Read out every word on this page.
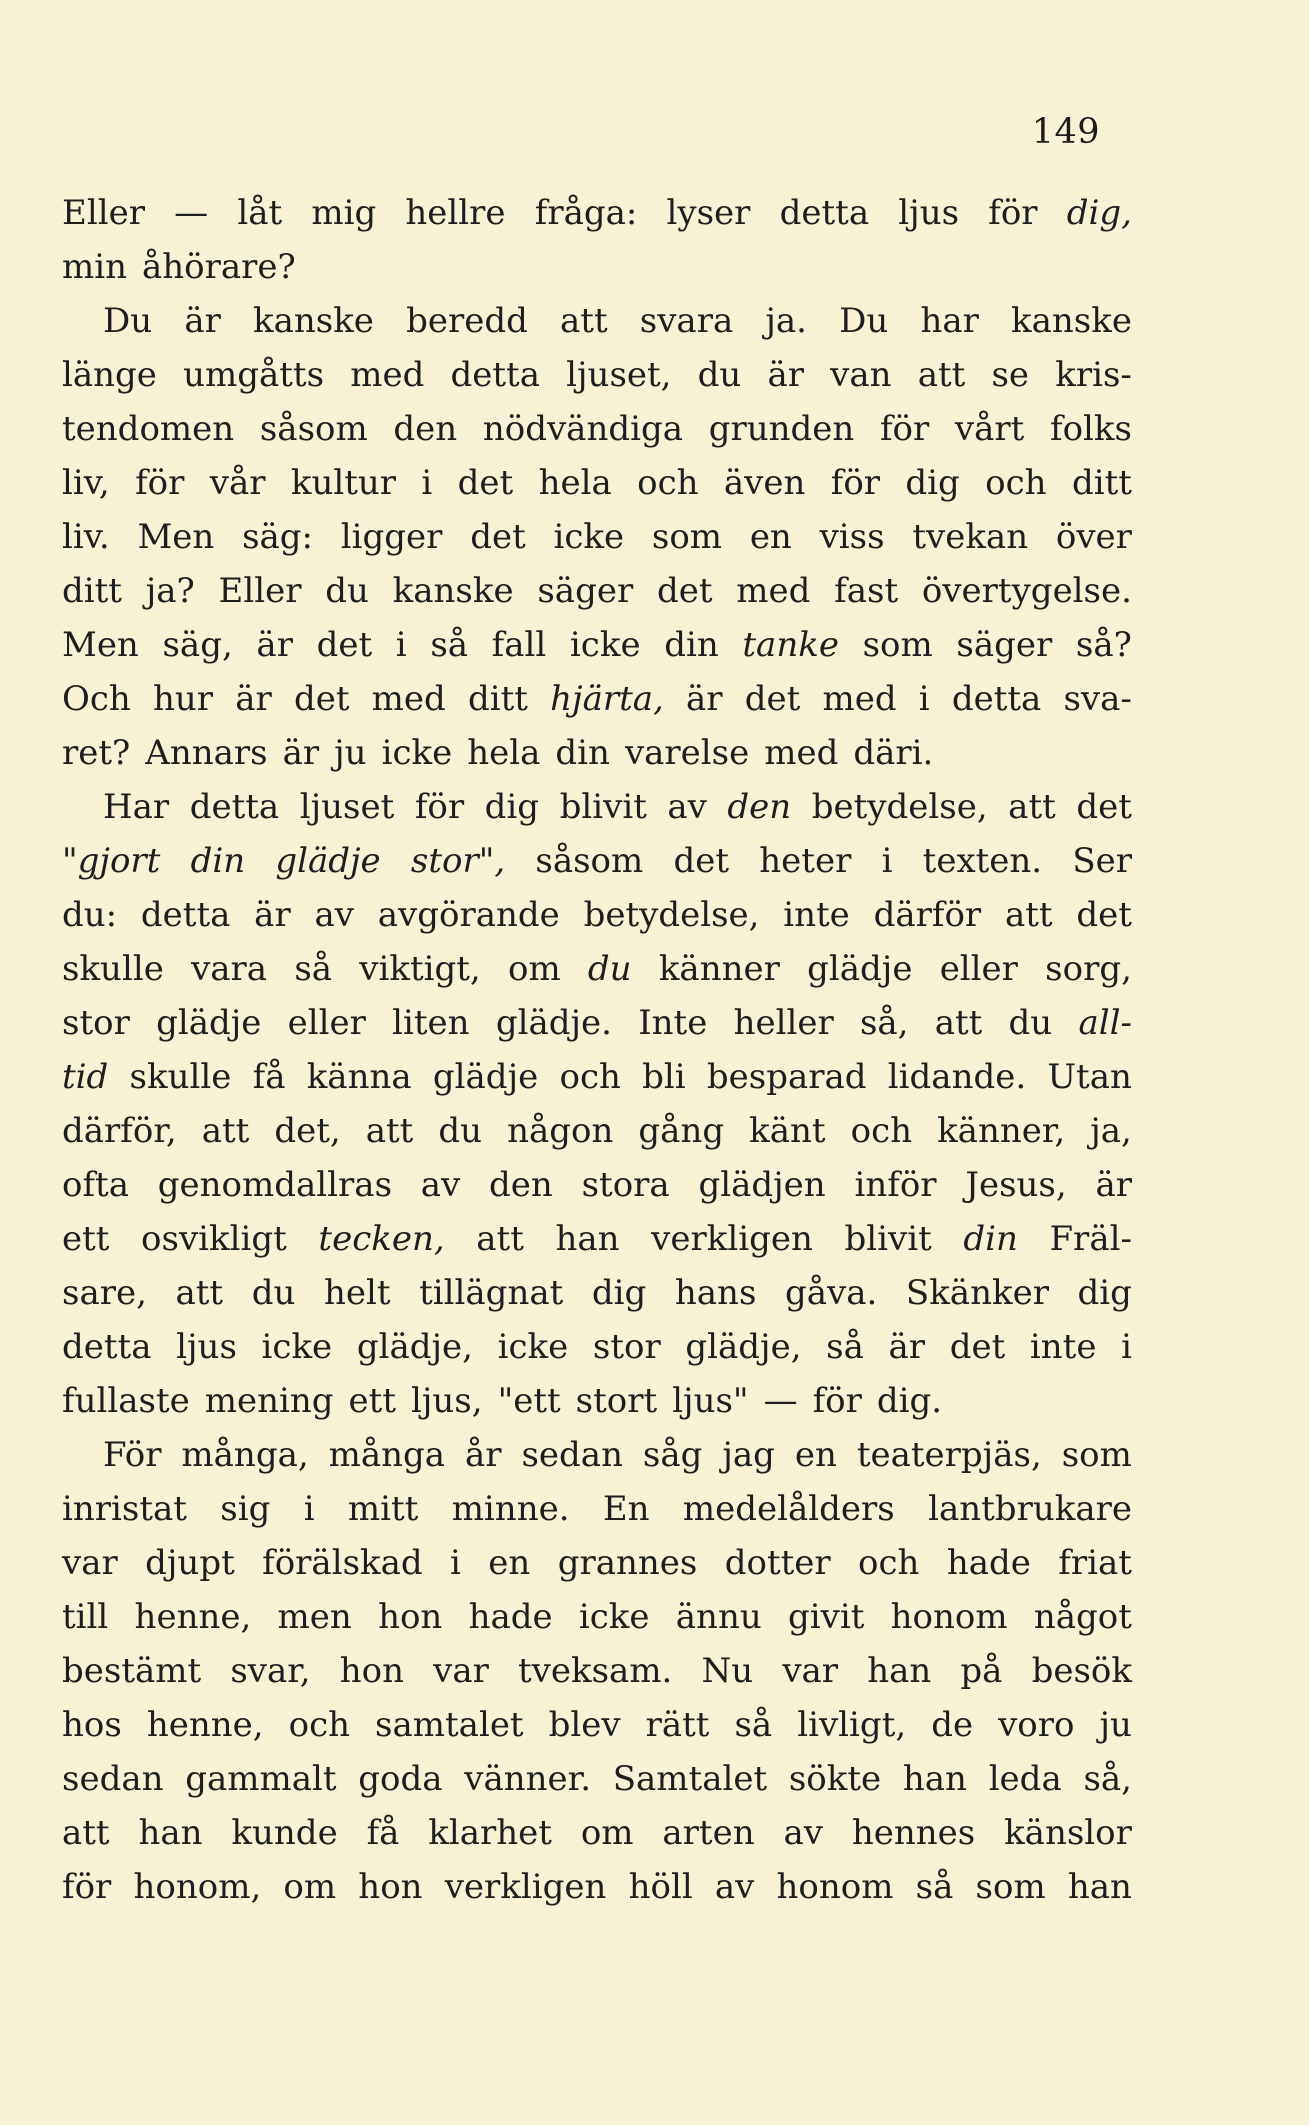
149
Eller — låt mig hellre fråga: lyser detta ljus för dig,
min åhörare?
Du är kanske beredd att svara ja. Du har kanske
länge umgåtts med detta ljuset, du är van att se kris-
tendomen såsom den nödvändiga grunden för vårt folks
liv, för vår kultur i det hela och även för dig och ditt
liv. Men säg: ligger det icke som en viss tvekan över
ditt ja? Eller du kanske säger det med fast övertygelse.
Men säg, är det i så fall icke din tanke som säger så?
Och hur är det med ditt hjärta, är det med i detta sva-
ret? Annars är ju icke hela din varelse med däri.
Har detta ljuset för dig blivit av den betydelse, att det
"gjort din glädje stor", såsom det heter i texten. Ser
du: detta är av avgörande betydelse, inte därför att det
skulle vara så viktigt, om du känner glädje eller sorg,
stor glädje eller liten glädje. Inte heller så, att du all-
tid skulle få känna glädje och bli besparad lidande. Utan
därför, att det, att du någon gång känt och känner, ja,
ofta genomdallras av den stora glädjen inför Jesus, är
ett osvikligt tecken, att han verkligen blivit din Fräl-
sare, att du helt tillägnat dig hans gåva. Skänker dig
detta ljus icke glädje, icke stor glädje, så är det inte i
fullaste mening ett ljus, "ett stort ljus" — för dig.
För många, många år sedan såg jag en teaterpjäs, som
inristat sig i mitt minne. En medelålders lantbrukare
var djupt förälskad i en grannes dotter och hade friat
till henne, men hon hade icke ännu givit honom något
bestämt svar, hon var tveksam. Nu var han på besök
hos henne, och samtalet blev rätt så livligt, de voro ju
sedan gammalt goda vänner. Samtalet sökte han leda så,
att han kunde få klarhet om arten av hennes känslor
för honom, om hon verkligen höll av honom så som han
